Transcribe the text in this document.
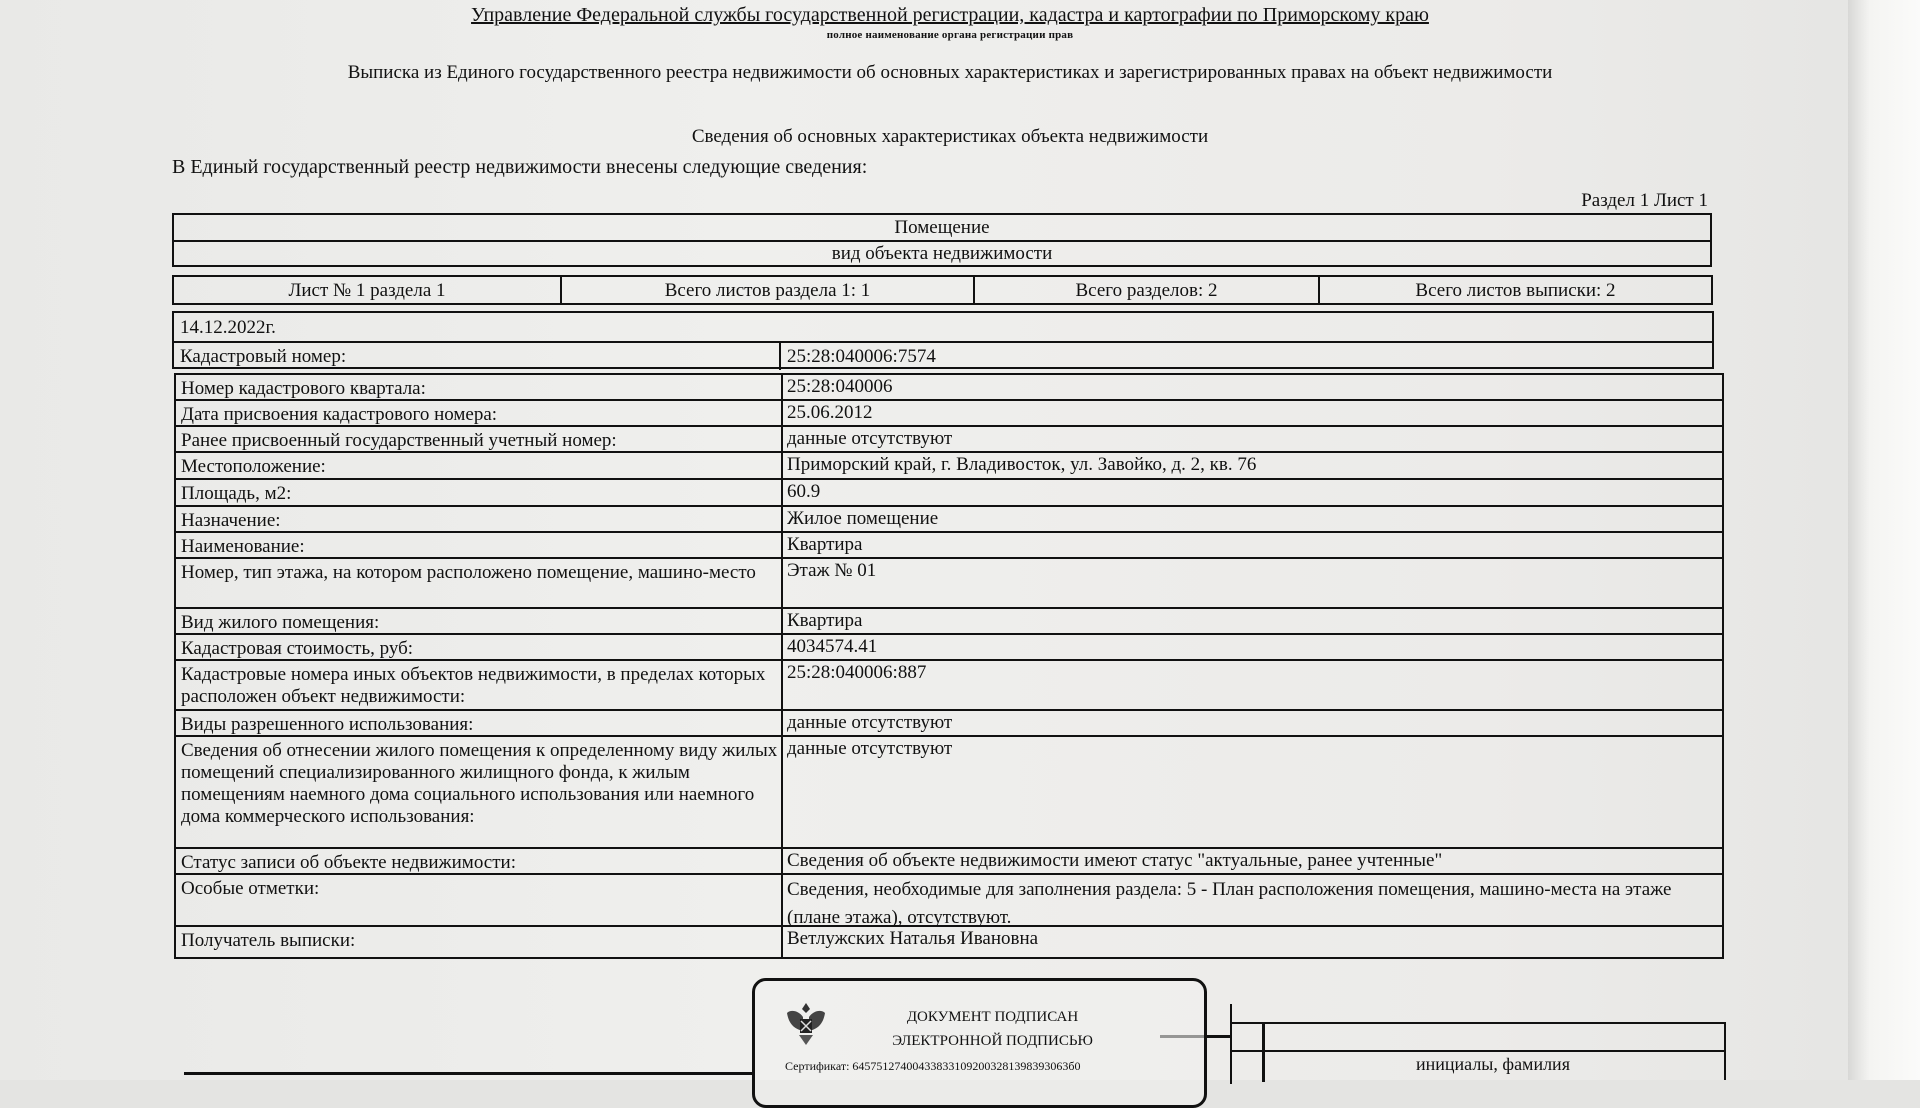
Управление Федеральной службы государственной регистрации, кадастра и картографии по Приморскому краю
полное наименование органа регистрации прав
Выписка из Единого государственного реестра недвижимости об основных характеристиках и зарегистрированных правах на объект недвижимости
Сведения об основных характеристиках объекта недвижимости
В Единый государственный реестр недвижимости внесены следующие сведения:
Раздел 1 Лист 1
Помещение
вид объекта недвижимости
Лист № 1 раздела 1	Всего листов раздела 1: 1	Всего разделов: 2	Всего листов выписки: 2
14.12.2022г.
Кадастровый номер:	25:28:040006:7574
Номер кадастрового квартала:	25:28:040006
Дата присвоения кадастрового номера:	25.06.2012
Ранее присвоенный государственный учетный номер:	данные отсутствуют
Местоположение:	Приморский край, г. Владивосток, ул. Завойко, д. 2, кв. 76
Площадь, м2:	60.9
Назначение:	Жилое помещение
Наименование:	Квартира
Номер, тип этажа, на котором расположено помещение, машино-место	Этаж № 01
Вид жилого помещения:	Квартира
Кадастровая стоимость, руб:	4034574.41
Кадастровые номера иных объектов недвижимости, в пределах которых расположен объект недвижимости:
25:28:040006:887
Виды разрешенного использования:	данные отсутствуют
Сведения об отнесении жилого помещения к определенному виду жилых помещений специализированного жилищного фонда, к жилым помещениям наемного дома социального использования или наемного дома коммерческого использования:
данные отсутствуют
Статус записи об объекте недвижимости:	Сведения об объекте недвижимости имеют статус "актуальные, ранее учтенные"
Особые отметки:	Сведения, необходимые для заполнения раздела: 5 - План расположения помещения, машино-места на этаже (плане этажа), отсутствуют.
Получатель выписки:	Ветлужских Наталья Ивановна
ДОКУМЕНТ ПОДПИСАН
ЭЛЕКТРОННОЙ ПОДПИСЬЮ
Сертификат: 645751274004338331092003281398393063б0	инициалы, фамилия
